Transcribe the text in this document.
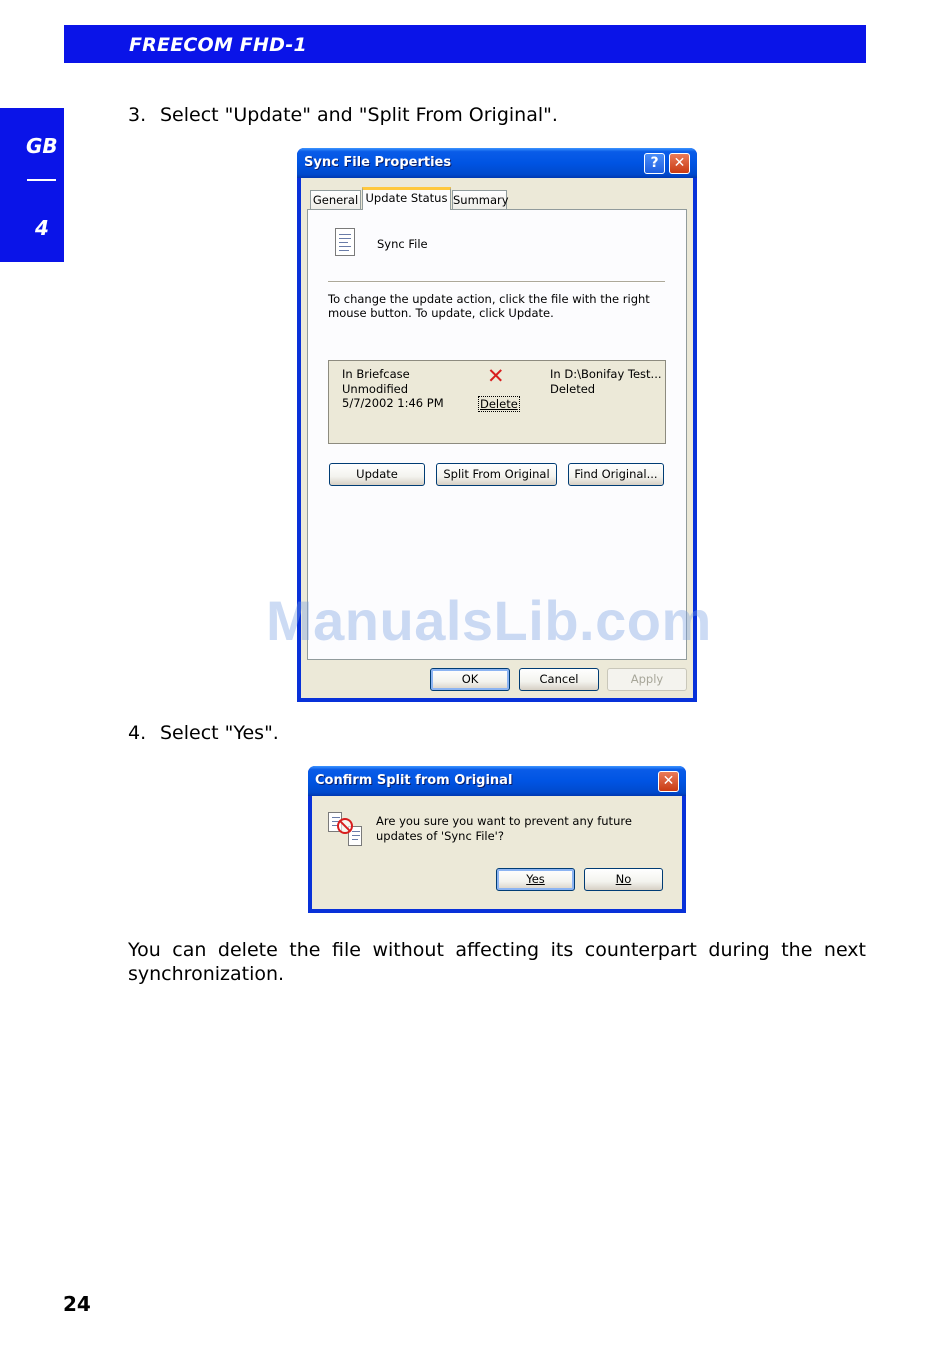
FREECOM FHD-1
GB
4
3. Select "Update" and "Split From Original".
Sync File Properties	?	✕
General Update Status Summary
Sync File
To change the update action, click the file with the right mouse button. To update, click Update.
In Briefcase
Unmodified
5/7/2002 1:46 PM
✕
Delete
In D:\Bonifay Test...
Deleted
Update	Split From Original	Find Original...
OK	Cancel	Apply
ManualsLib.com
4. Select "Yes".
Confirm Split from Original	✕
Are you sure you want to prevent any future updates of 'Sync File'?
Yes	No
You can delete the file without affecting its counterpart during the next synchronization.
24
